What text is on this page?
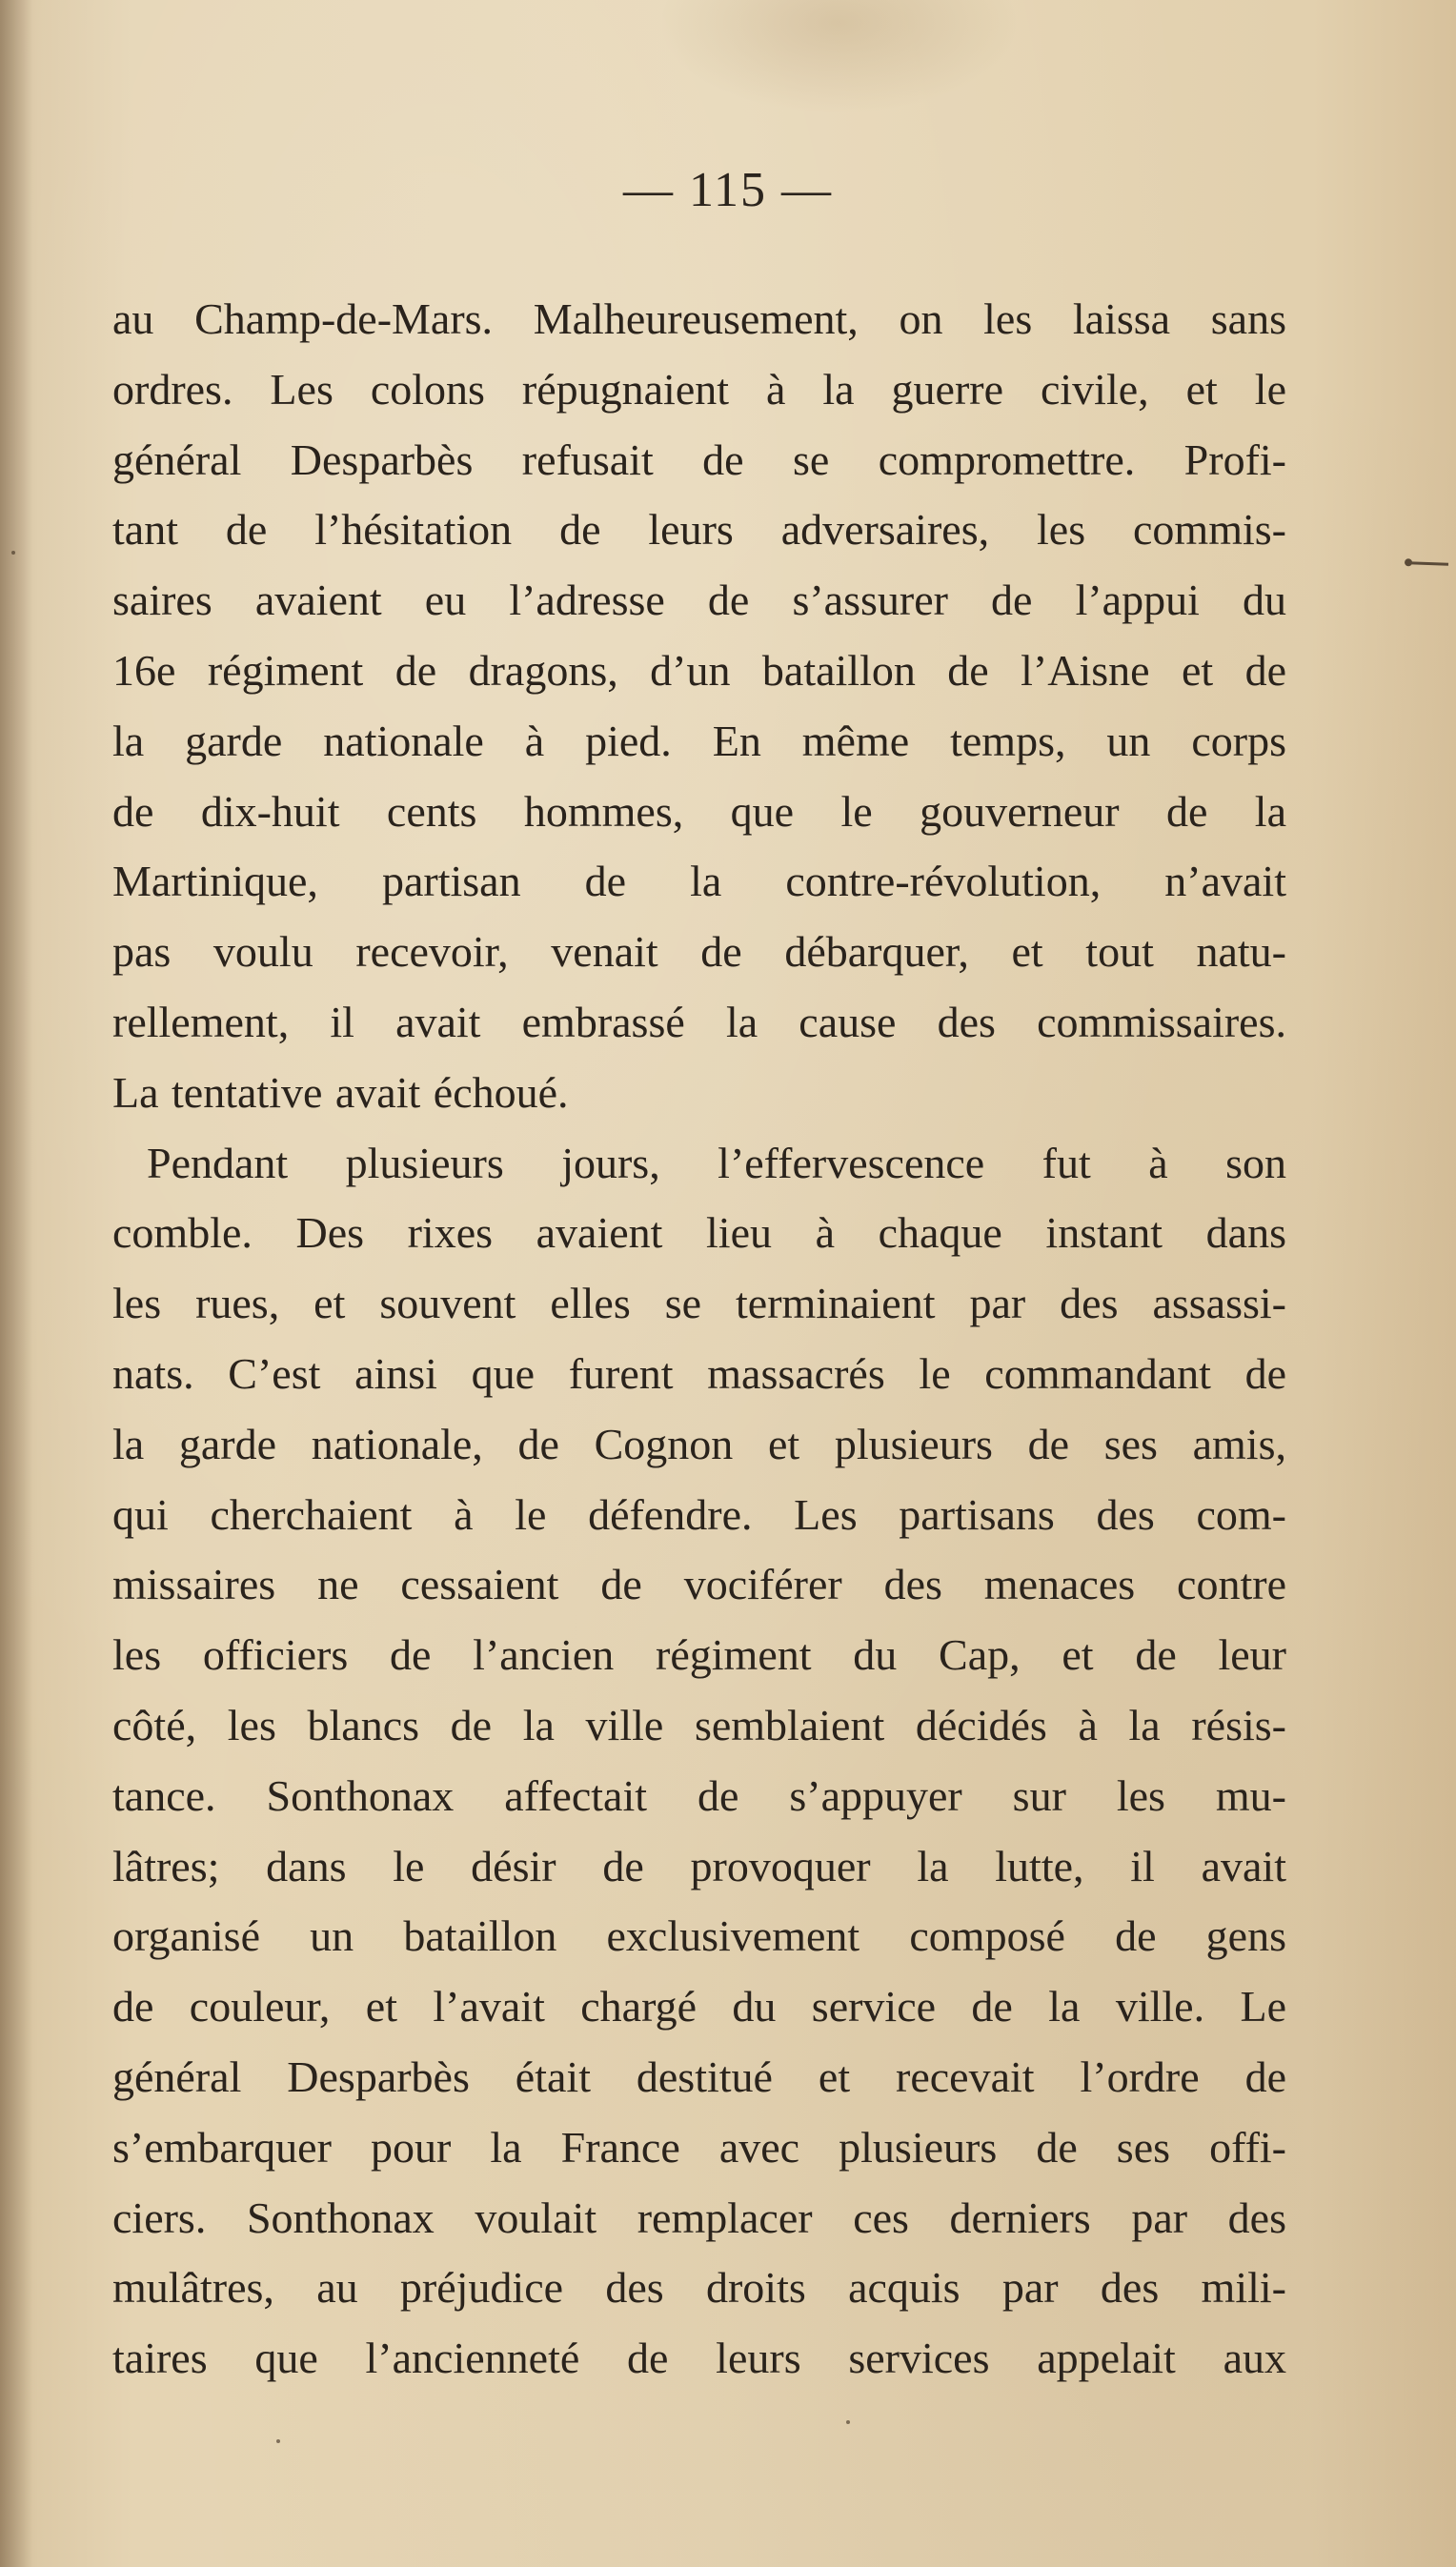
— 115 —
au Champ-de-Mars. Malheureusement, on les laissa sans
ordres. Les colons répugnaient à la guerre civile, et le
général Desparbès refusait de se compromettre. Profi-
tant de l’hésitation de leurs adversaires, les commis-
saires avaient eu l’adresse de s’assurer de l’appui du
16e régiment de dragons, d’un bataillon de l’Aisne et de
la garde nationale à pied. En même temps, un corps
de dix-huit cents hommes, que le gouverneur de la
Martinique, partisan de la contre-révolution, n’avait
pas voulu recevoir, venait de débarquer, et tout natu-
rellement, il avait embrassé la cause des commissaires.
La tentative avait échoué.
Pendant plusieurs jours, l’effervescence fut à son
comble. Des rixes avaient lieu à chaque instant dans
les rues, et souvent elles se terminaient par des assassi-
nats. C’est ainsi que furent massacrés le commandant de
la garde nationale, de Cognon et plusieurs de ses amis,
qui cherchaient à le défendre. Les partisans des com-
missaires ne cessaient de vociférer des menaces contre
les officiers de l’ancien régiment du Cap, et de leur
côté, les blancs de la ville semblaient décidés à la résis-
tance. Sonthonax affectait de s’appuyer sur les mu-
lâtres; dans le désir de provoquer la lutte, il avait
organisé un bataillon exclusivement composé de gens
de couleur, et l’avait chargé du service de la ville. Le
général Desparbès était destitué et recevait l’ordre de
s’embarquer pour la France avec plusieurs de ses offi-
ciers. Sonthonax voulait remplacer ces derniers par des
mulâtres, au préjudice des droits acquis par des mili-
taires que l’ancienneté de leurs services appelait aux
